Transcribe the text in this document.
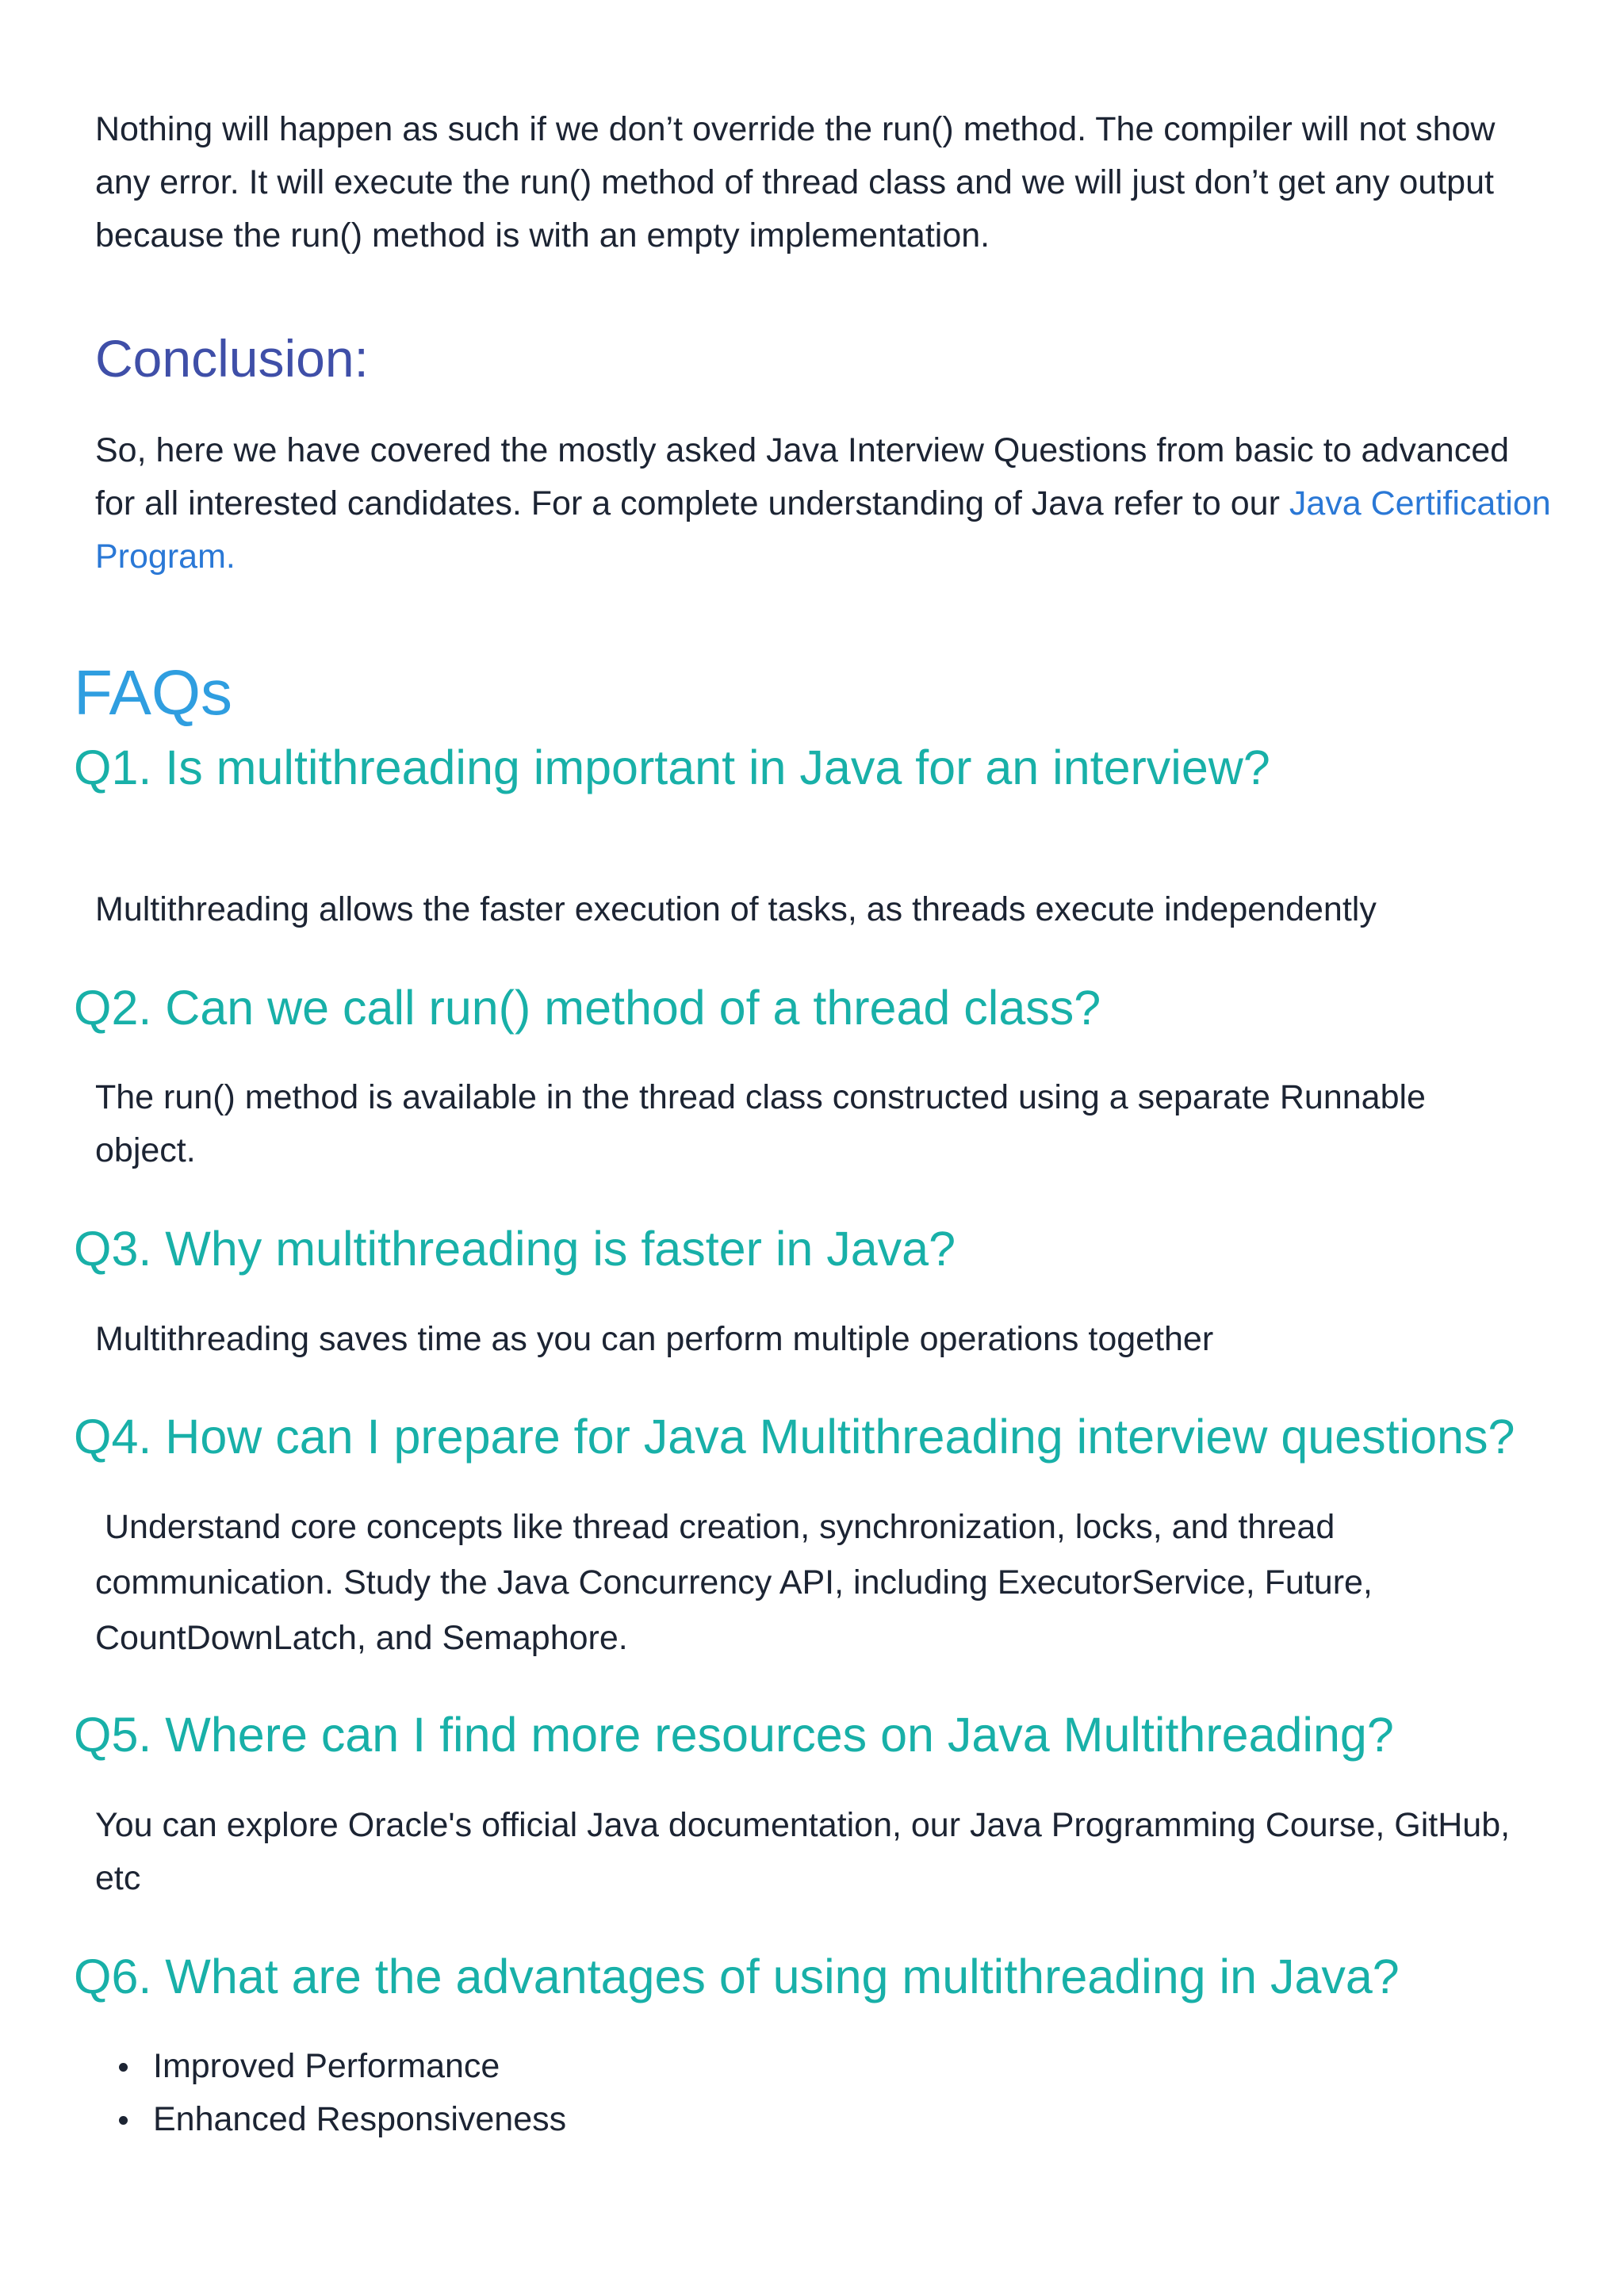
Nothing will happen as such if we don’t override the run() method. The compiler will not show any error. It will execute the run() method of thread class and we will just don’t get any output because the run() method is with an empty implementation.

Conclusion:

So, here we have covered the mostly asked Java Interview Questions from basic to advanced for all interested candidates. For a complete understanding of Java refer to our Java Certification Program.

FAQs
Q1. Is multithreading important in Java for an interview?

Multithreading allows the faster execution of tasks, as threads execute independently

Q2. Can we call run() method of a thread class?

The run() method is available in the thread class constructed using a separate Runnable object.

Q3. Why multithreading is faster in Java?

Multithreading saves time as you can perform multiple operations together

Q4. How can I prepare for Java Multithreading interview questions?

Understand core concepts like thread creation, synchronization, locks, and thread communication. Study the Java Concurrency API, including ExecutorService, Future, CountDownLatch, and Semaphore.

Q5. Where can I find more resources on Java Multithreading?

You can explore Oracle's official Java documentation, our Java Programming Course, GitHub, etc

Q6. What are the advantages of using multithreading in Java?
Improved Performance
Enhanced Responsiveness
